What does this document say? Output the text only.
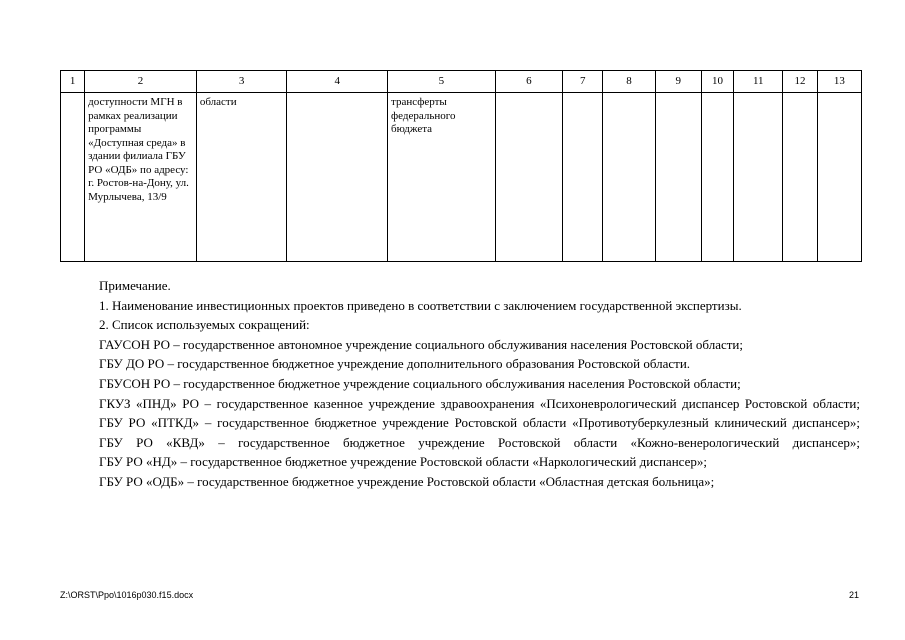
1	2	3	4	5	6	7	8	9	10	11	12	13
	доступности МГН в рамках реализации программы «Доступная среда» в здании филиала ГБУ РО «ОДБ» по адресу: г. Ростов-на-Дону, ул. Мурлычева, 13/9	области		трансферты федерального бюджета								

Примечание.

1. Наименование инвестиционных проектов приведено в соответствии с заключением государственной экспертизы.

2. Список используемых сокращений:

ГАУСОН РО – государственное автономное учреждение социального обслуживания населения Ростовской области;

ГБУ ДО РО – государственное бюджетное учреждение дополнительного образования Ростовской области.

ГБУСОН РО – государственное бюджетное учреждение социального обслуживания населения Ростовской области;

ГКУЗ «ПНД» РО – государственное казенное учреждение здравоохранения «Психоневрологический диспансер Ростовской области;

ГБУ РО «ПТКД» – государственное бюджетное учреждение Ростовской области «Противотуберкулезный клинический диспансер»;

ГБУ РО «КВД» – государственное бюджетное учреждение Ростовской области «Кожно-венерологический диспансер»;

ГБУ РО «НД» – государственное бюджетное учреждение Ростовской области «Наркологический диспансер»;

ГБУ РО «ОДБ» – государственное бюджетное учреждение Ростовской области «Областная детская больница»;

Z:\ORST\Ppo\1016p030.f15.docx	21
